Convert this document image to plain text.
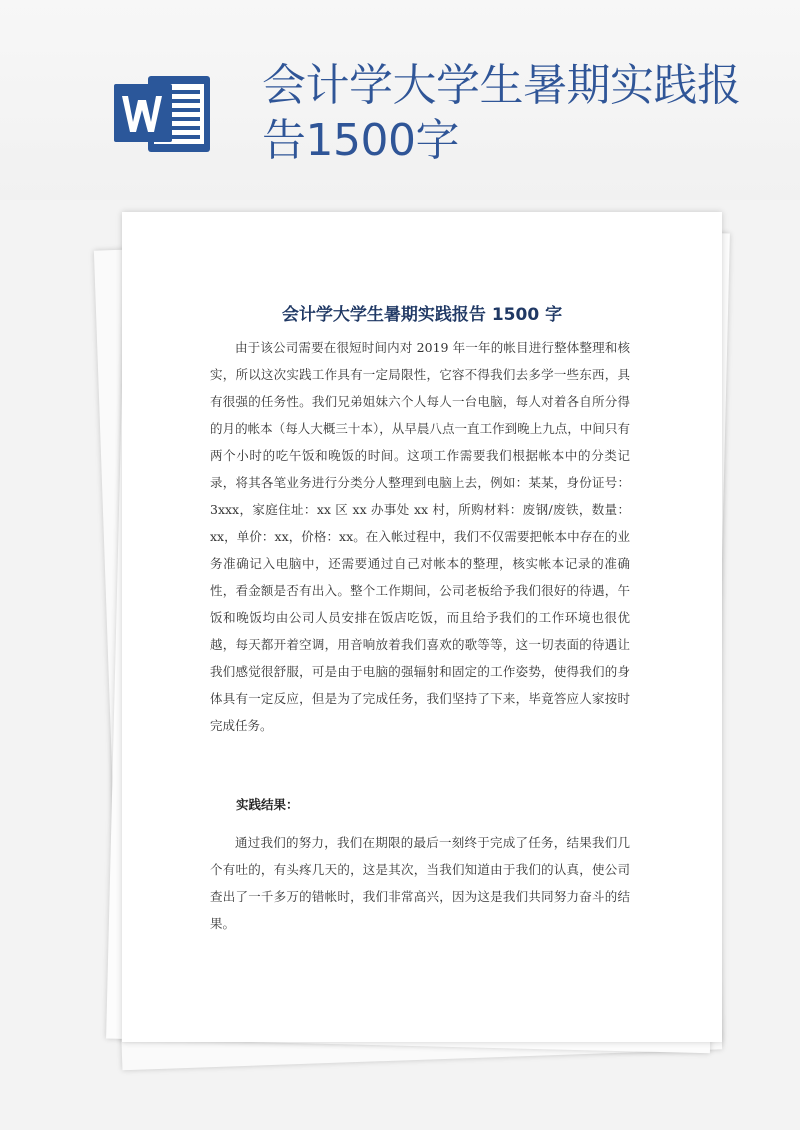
会计学大学生暑期实践报告1500字
会计学大学生暑期实践报告 1500 字

由于该公司需要在很短时间内对 2019 年一年的帐目进行整体整理和核实，所以这次实践工作具有一定局限性，它容不得我们去多学一些东西，具有很强的任务性。我们兄弟姐妹六个人每人一台电脑，每人对着各自所分得的月的帐本（每人大概三十本），从早晨八点一直工作到晚上九点，中间只有两个小时的吃午饭和晚饭的时间。这项工作需要我们根据帐本中的分类记录，将其各笔业务进行分类分人整理到电脑上去，例如：某某，身份证号：3xxx，家庭住址：xx 区 xx 办事处 xx 村，所购材料：废钢/废铁，数量：xx，单价：xx，价格：xx。在入帐过程中，我们不仅需要把帐本中存在的业务准确记入电脑中，还需要通过自己对帐本的整理，核实帐本记录的准确性，看金额是否有出入。整个工作期间，公司老板给予我们很好的待遇，午饭和晚饭均由公司人员安排在饭店吃饭，而且给予我们的工作环境也很优越，每天都开着空调，用音响放着我们喜欢的歌等等，这一切表面的待遇让我们感觉很舒服，可是由于电脑的强辐射和固定的工作姿势，使得我们的身体具有一定反应，但是为了完成任务，我们坚持了下来，毕竟答应人家按时完成任务。

实践结果：

通过我们的努力，我们在期限的最后一刻终于完成了任务，结果我们几个有吐的，有头疼几天的，这是其次，当我们知道由于我们的认真，使公司查出了一千多万的错帐时，我们非常高兴，因为这是我们共同努力奋斗的结果。
